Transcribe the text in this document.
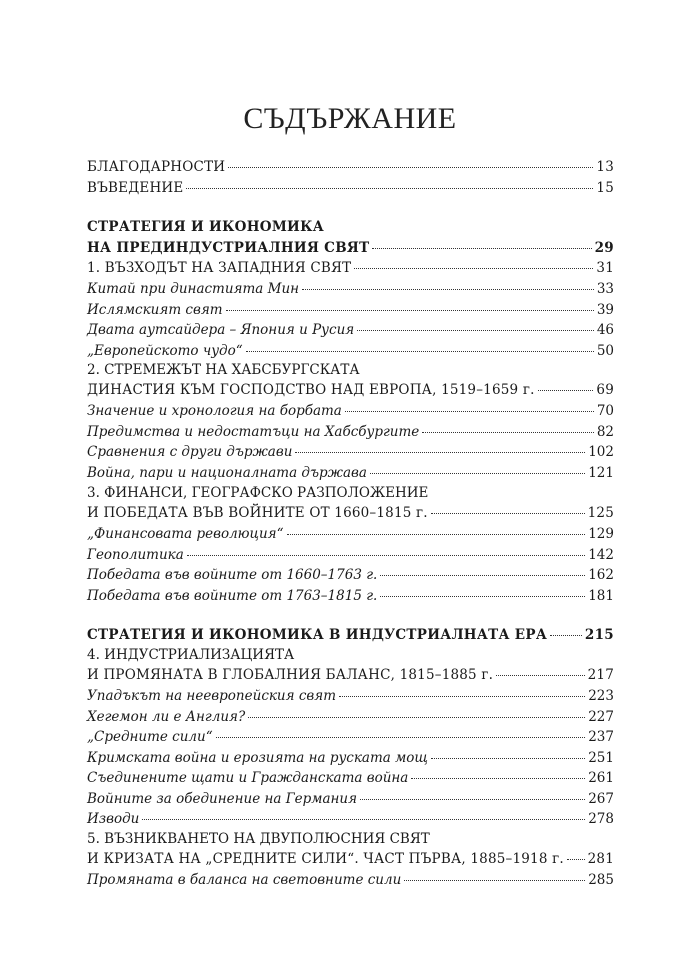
СЪДЪРЖАНИЕ
БЛАГОДАРНОСТИ	13
ВЪВЕДЕНИЕ	15
СТРАТЕГИЯ И ИКОНОМИКА
НА ПРЕДИНДУСТРИАЛНИЯ СВЯТ	29
1. ВЪЗХОДЪТ НА ЗАПАДНИЯ СВЯТ	31
Китай при династията Мин	33
Ислямският свят	39
Двата аутсайдера – Япония и Русия	46
„Европейското чудо“	50
2. СТРЕМЕЖЪТ НА ХАБСБУРГСКАТА
ДИНАСТИЯ КЪМ ГОСПОДСТВО НАД ЕВРОПА, 1519–1659 г.	69
Значение и хронология на борбата	70
Предимства и недостатъци на Хабсбургите	82
Сравнения с други държави	102
Война, пари и националната държава	121
3. ФИНАНСИ, ГЕОГРАФСКО РАЗПОЛОЖЕНИЕ
И ПОБЕДАТА ВЪВ ВОЙНИТЕ ОТ 1660–1815 г.	125
„Финансовата революция“	129
Геополитика	142
Победата във войните от 1660–1763 г.	162
Победата във войните от 1763–1815 г.	181
СТРАТЕГИЯ И ИКОНОМИКА В ИНДУСТРИАЛНАТА ЕРА	215
4. ИНДУСТРИАЛИЗАЦИЯТА
И ПРОМЯНАТА В ГЛОБАЛНИЯ БАЛАНС, 1815–1885 г.	217
Упадъкът на неевропейския свят	223
Хегемон ли е Англия?	227
„Средните сили“	237
Кримската война и ерозията на руската мощ	251
Съединените щати и Гражданската война	261
Войните за обединение на Германия	267
Изводи	278
5. ВЪЗНИКВАНЕТО НА ДВУПОЛЮСНИЯ СВЯТ
И КРИЗАТА НА „СРЕДНИТЕ СИЛИ“. ЧАСТ ПЪРВА, 1885–1918 г. 281
Промяната в баланса на световните сили	285
